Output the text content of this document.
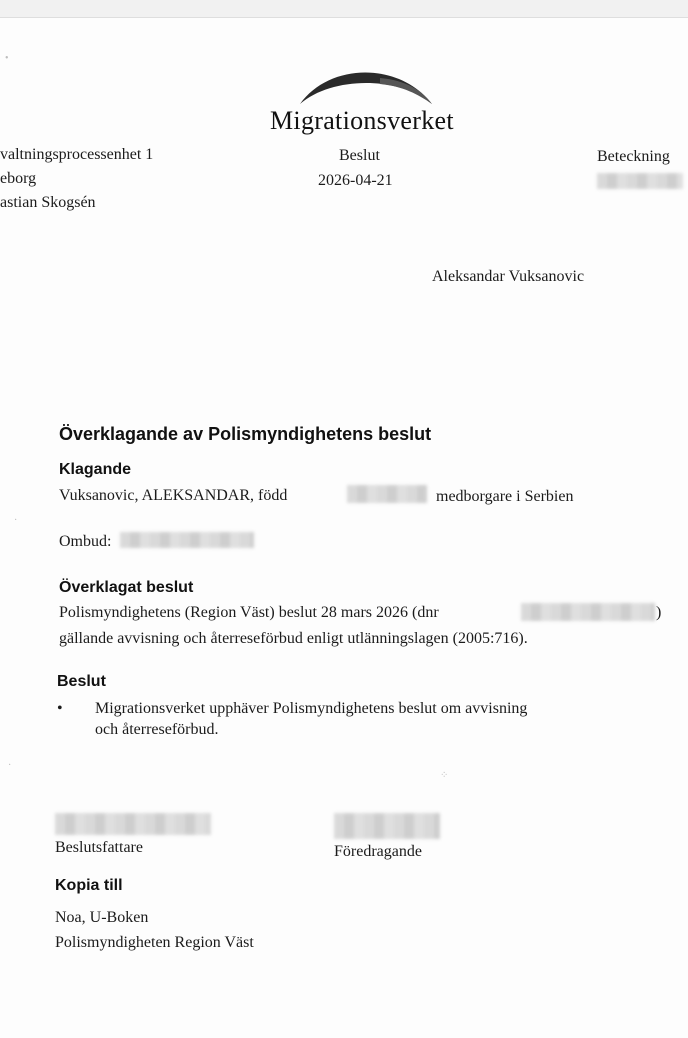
•
·
·
⁘
Migrationsverket
valtningsprocessenhet 1
eborg
astian Skogsén
Beslut
2026-04-21
Beteckning
Aleksandar Vuksanovic
Överklagande av Polismyndighetens beslut
Klagande
Vuksanovic, ALEKSANDAR, född	medborgare i Serbien
Ombud:
Överklagat beslut
Polismyndighetens (Region Väst) beslut 28 mars 2026 (dnr	)
gällande avvisning och återreseförbud enligt utlänningslagen (2005:716).
Beslut
• Migrationsverket upphäver Polismyndighetens beslut om avvisning
och återreseförbud.
Beslutsfattare	Föredragande
Kopia till
Noa, U-Boken
Polismyndigheten Region Väst
